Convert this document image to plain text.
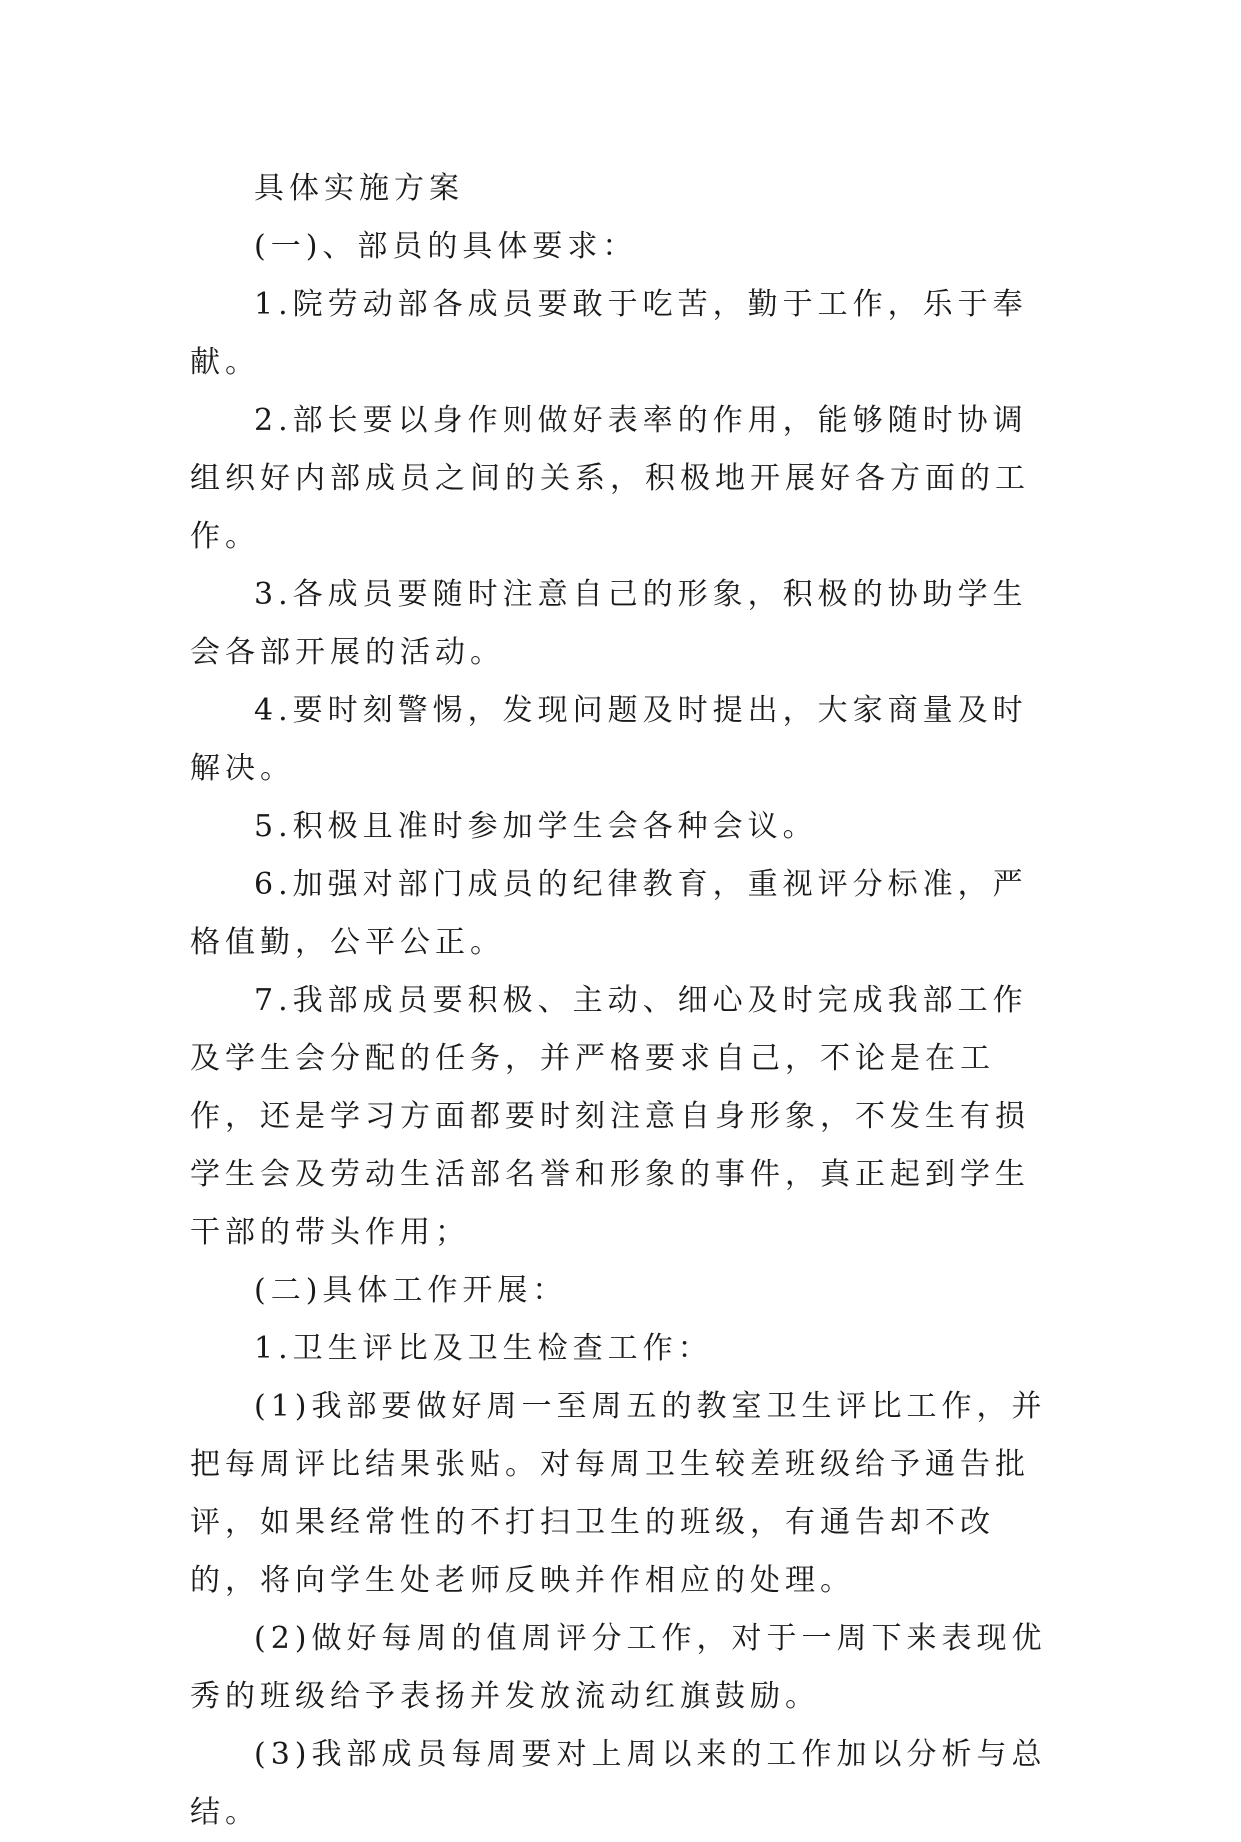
具体实施方案

(一)、部员的具体要求：

1.院劳动部各成员要敢于吃苦，勤于工作，乐于奉献。

2.部长要以身作则做好表率的作用，能够随时协调组织好内部成员之间的关系，积极地开展好各方面的工作。

3.各成员要随时注意自己的形象，积极的协助学生会各部开展的活动。

4.要时刻警惕，发现问题及时提出，大家商量及时解决。

5.积极且准时参加学生会各种会议。

6.加强对部门成员的纪律教育，重视评分标准，严格值勤，公平公正。

7.我部成员要积极、主动、细心及时完成我部工作及学生会分配的任务，并严格要求自己，不论是在工作，还是学习方面都要时刻注意自身形象，不发生有损学生会及劳动生活部名誉和形象的事件，真正起到学生干部的带头作用；

(二)具体工作开展：

1.卫生评比及卫生检查工作：

(1)我部要做好周一至周五的教室卫生评比工作，并把每周评比结果张贴。对每周卫生较差班级给予通告批评，如果经常性的不打扫卫生的班级，有通告却不改的，将向学生处老师反映并作相应的处理。

(2)做好每周的值周评分工作，对于一周下来表现优秀的班级给予表扬并发放流动红旗鼓励。

(3)我部成员每周要对上周以来的工作加以分析与总结。
